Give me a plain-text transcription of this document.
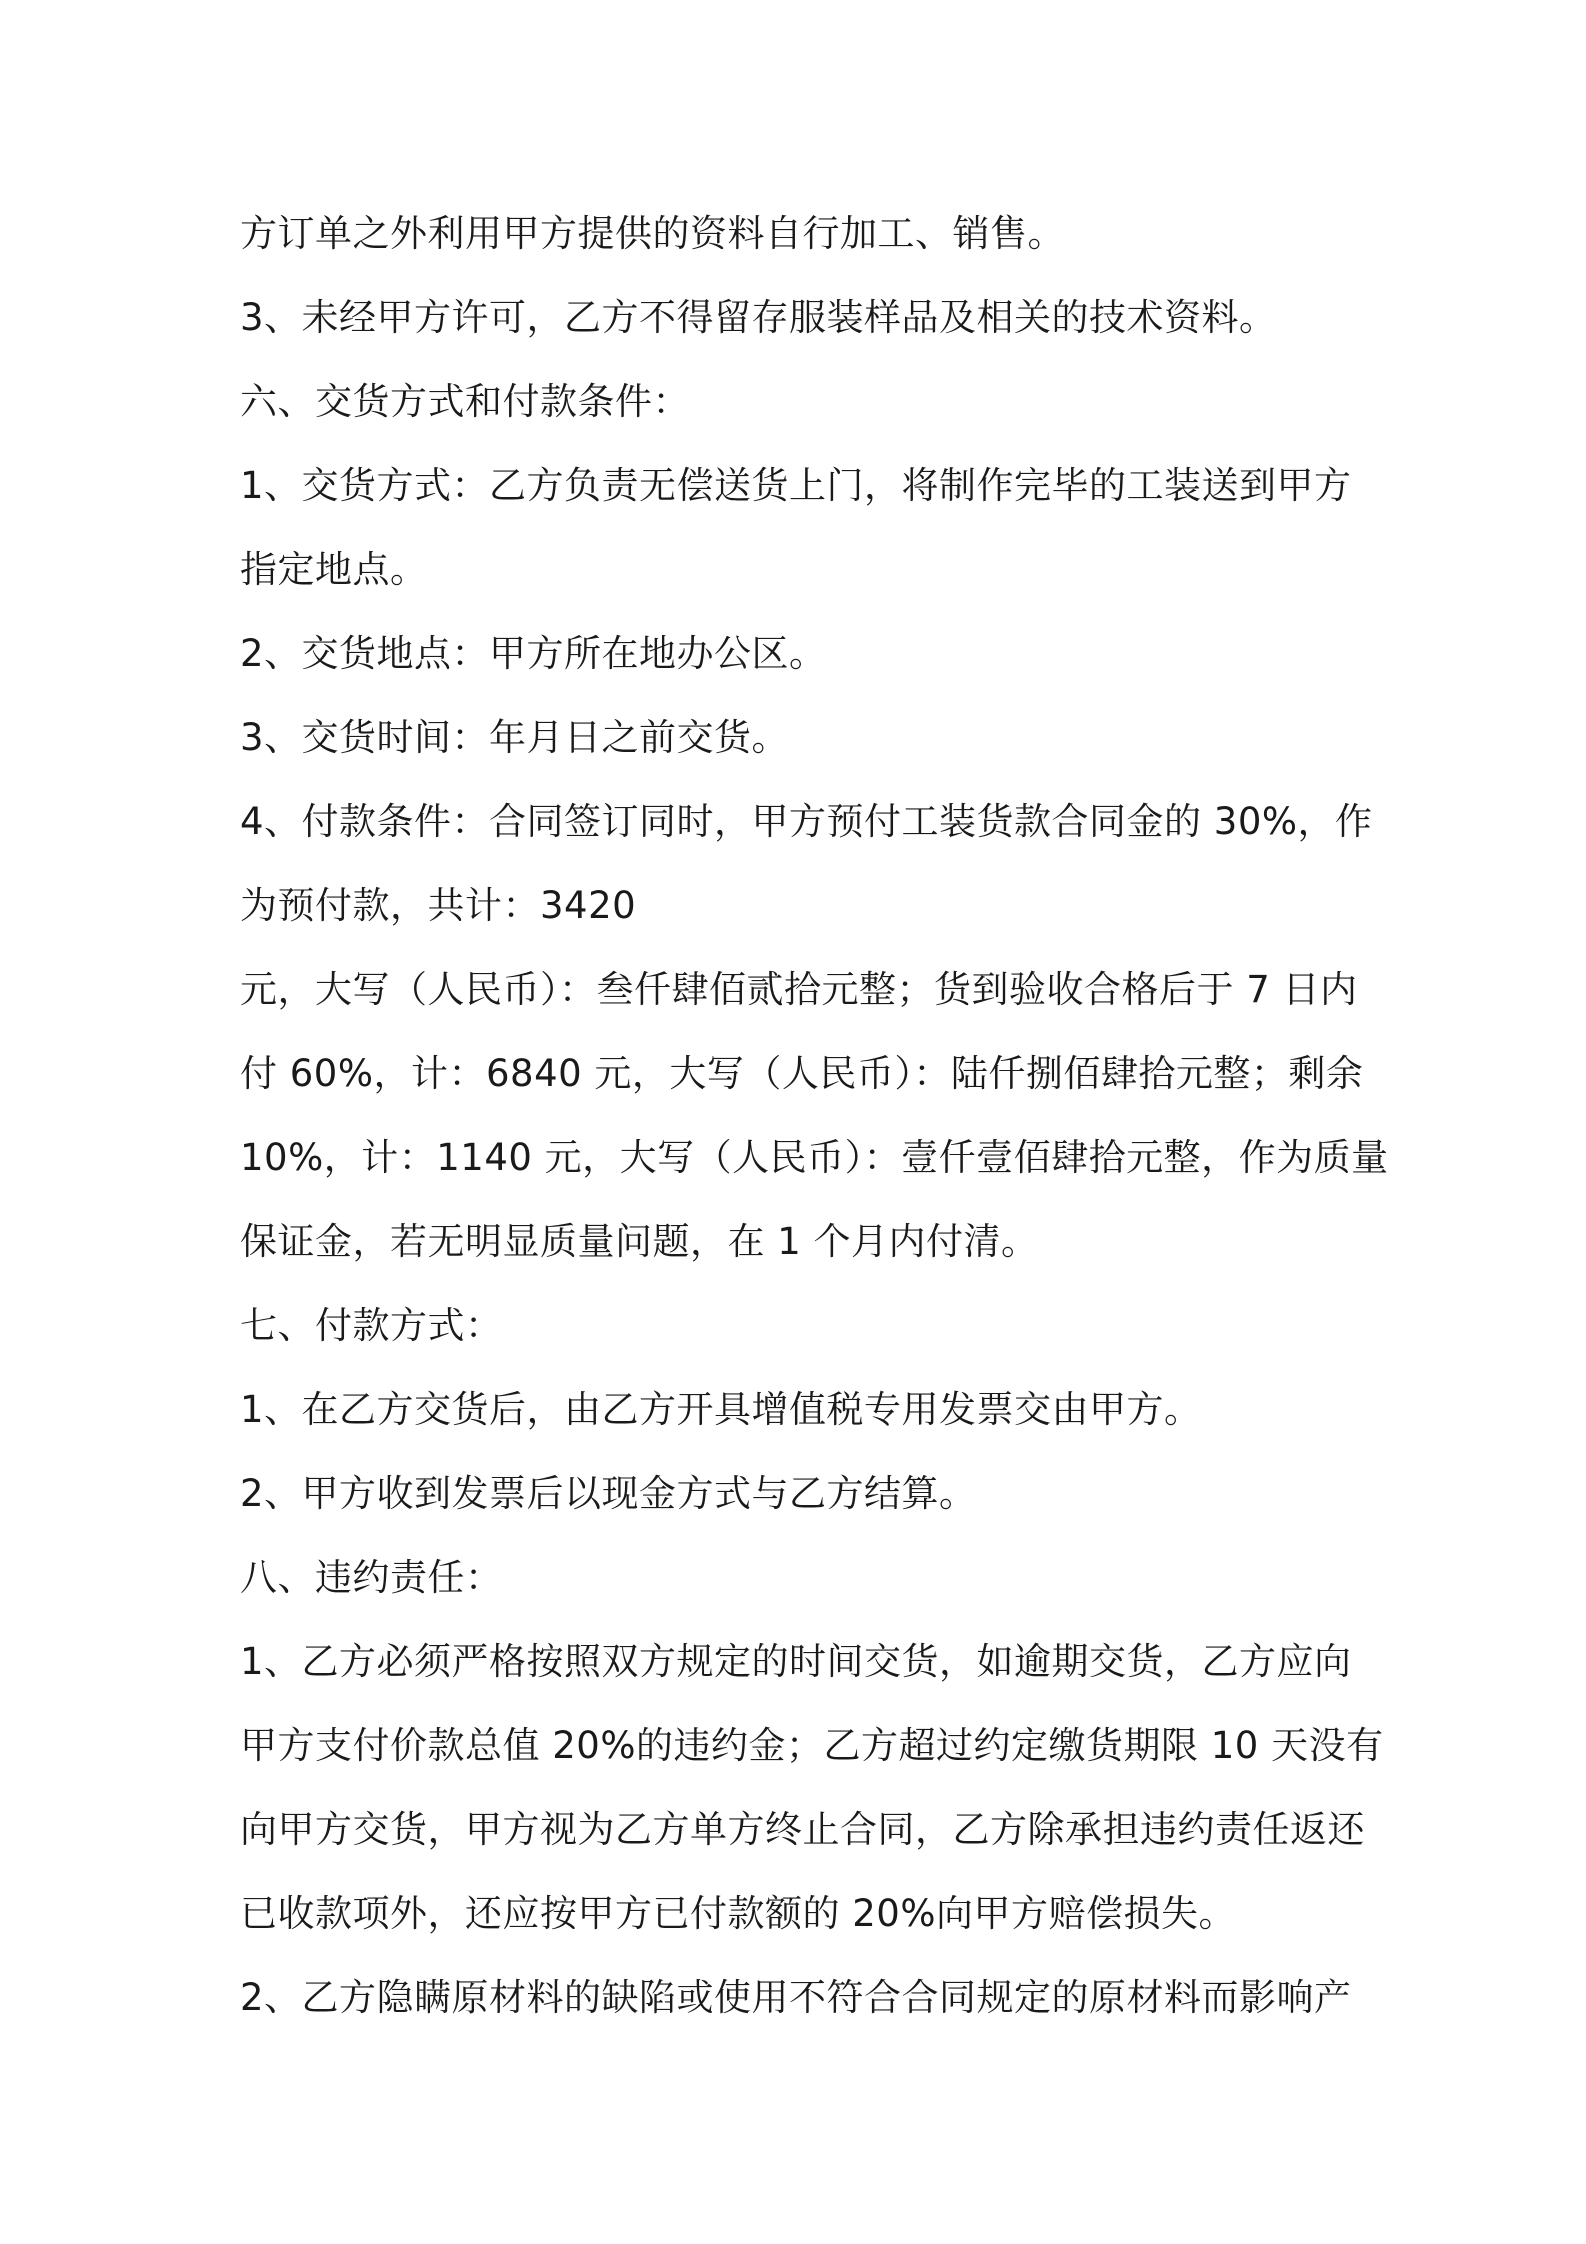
方订单之外利用甲方提供的资料自行加工、销售。
3、未经甲方许可，乙方不得留存服装样品及相关的技术资料。
六、交货方式和付款条件：
1、交货方式：乙方负责无偿送货上门，将制作完毕的工装送到甲方
指定地点。
2、交货地点：甲方所在地办公区。
3、交货时间：年月日之前交货。
4、付款条件：合同签订同时，甲方预付工装货款合同金的 30%，作
为预付款，共计：3420
元，大写（人民币）：叁仟肆佰贰拾元整；货到验收合格后于 7 日内
付 60%，计：6840 元，大写（人民币）：陆仟捌佰肆拾元整；剩余
10%，计：1140 元，大写（人民币）：壹仟壹佰肆拾元整，作为质量
保证金，若无明显质量问题，在 1 个月内付清。
七、付款方式：
1、在乙方交货后，由乙方开具增值税专用发票交由甲方。
2、甲方收到发票后以现金方式与乙方结算。
八、违约责任：
1、乙方必须严格按照双方规定的时间交货，如逾期交货，乙方应向
甲方支付价款总值 20%的违约金；乙方超过约定缴货期限 10 天没有
向甲方交货，甲方视为乙方单方终止合同，乙方除承担违约责任返还
已收款项外，还应按甲方已付款额的 20%向甲方赔偿损失。
2、乙方隐瞒原材料的缺陷或使用不符合合同规定的原材料而影响产
